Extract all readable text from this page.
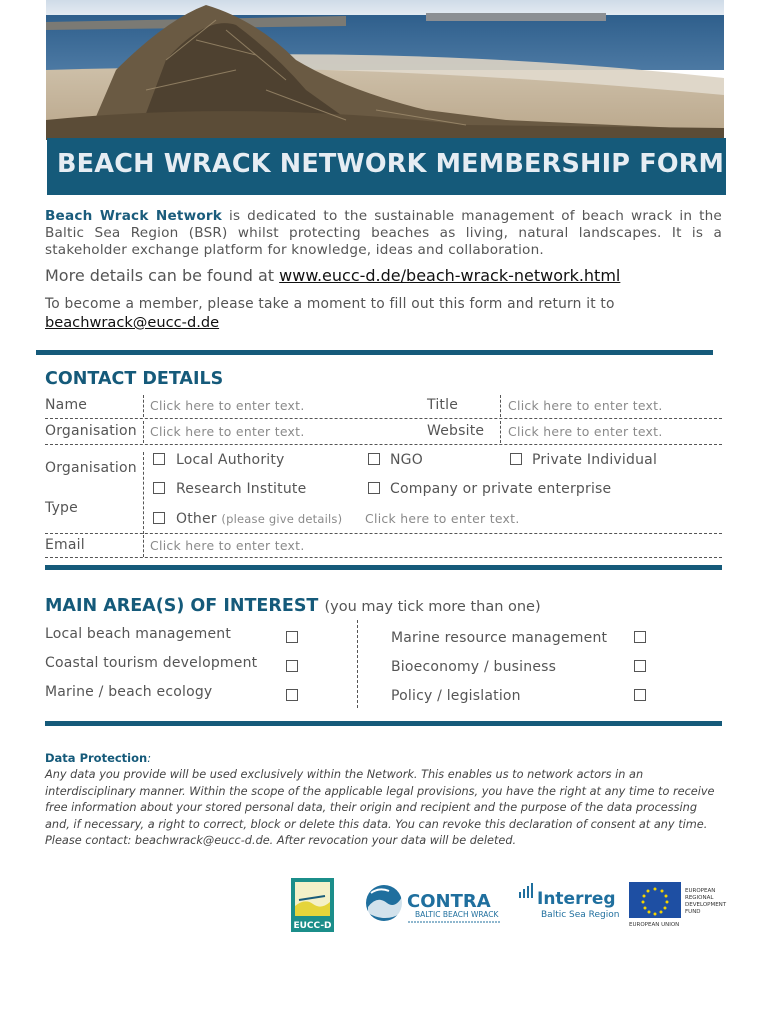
BEACH WRACK NETWORK MEMBERSHIP FORM

Beach Wrack Network is dedicated to the sustainable management of beach wrack in the Baltic Sea Region (BSR) whilst protecting beaches as living, natural landscapes. It is a stakeholder exchange platform for knowledge, ideas and collaboration.

More details can be found at www.eucc-d.de/beach-wrack-network.html
To become a member, please take a moment to fill out this form and return it to
beachwrack@eucc-d.de
CONTACT DETAILS
Name	Click here to enter text.	Title	Click here to enter text.
Organisation Click here to enter text.	Website Click here to enter text.
Organisation
Type
Local Authority	NGO	Private Individual
Research Institute	Company or private enterprise
Other (please give details) Click here to enter text.
Email	Click here to enter text.
MAIN AREA(S) OF INTEREST (you may tick more than one)
Local beach management
Coastal tourism development
Marine / beach ecology
Marine resource management
Bioeconomy / business
Policy / legislation
Data Protection:

Any data you provide will be used exclusively within the Network. This enables us to network actors in an interdisciplinary manner. Within the scope of the applicable legal provisions, you have the right at any time to receive free information about your stored personal data, their origin and recipient and the purpose of the data processing and, if necessary, a right to correct, block or delete this data. You can revoke this declaration of consent at any time. Please contact: beachwrack@eucc-d.de. After revocation your data will be deleted.

EUCC-D
CONTRA
BALTIC BEACH WRACK
Interreg
Baltic Sea Region
EUROPEAN
REGIONAL
DEVELOPMENT
FUND
EUROPEAN UNION
